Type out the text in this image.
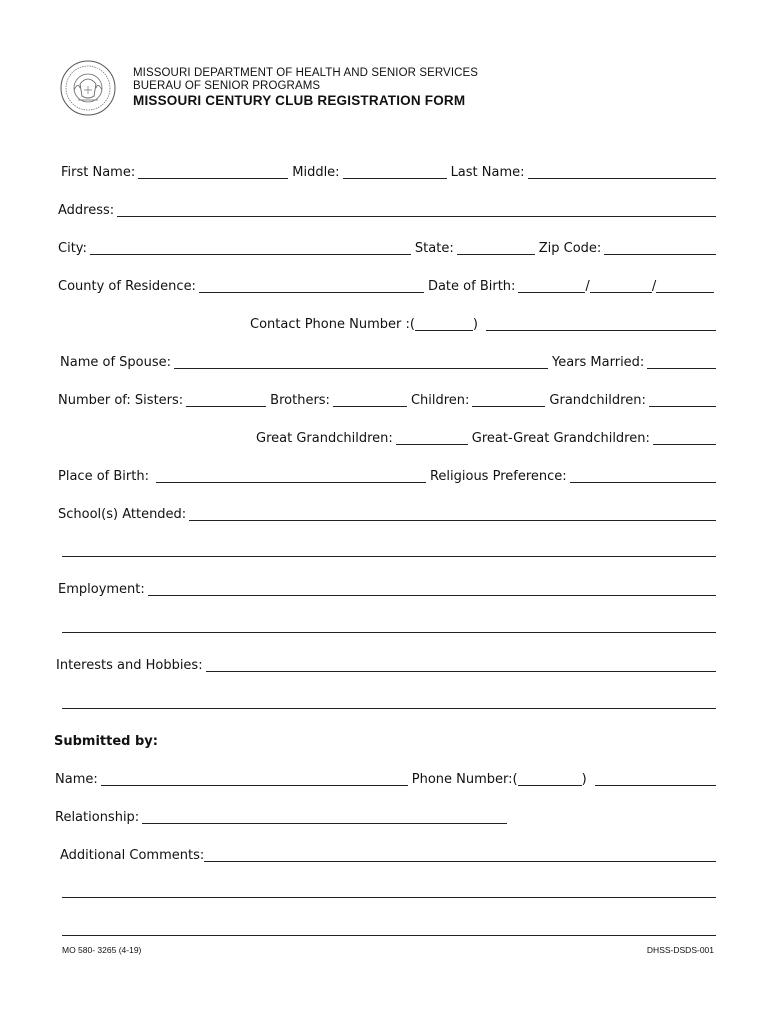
MISSOURI DEPARTMENT OF HEALTH AND SENIOR SERVICES
BUERAU OF SENIOR PROGRAMS
MISSOURI CENTURY CLUB REGISTRATION FORM
First Name:	Middle:	Last Name:
Address:
City:	State:	Zip Code:
County of Residence:	Date of Birth:	/	/
Contact Phone Number :(	)
Name of Spouse:	Years Married:
Number of: Sisters:	Brothers:	Children:	Grandchildren:
Great Grandchildren:	Great-Great Grandchildren:
Place of Birth:	Religious Preference:
School(s) Attended:
Employment:
Interests and Hobbies:
Submitted by:
Name:	Phone Number:(	)
Relationship:
Additional Comments:
MO 580- 3265 (4-19)	DHSS-DSDS-001
